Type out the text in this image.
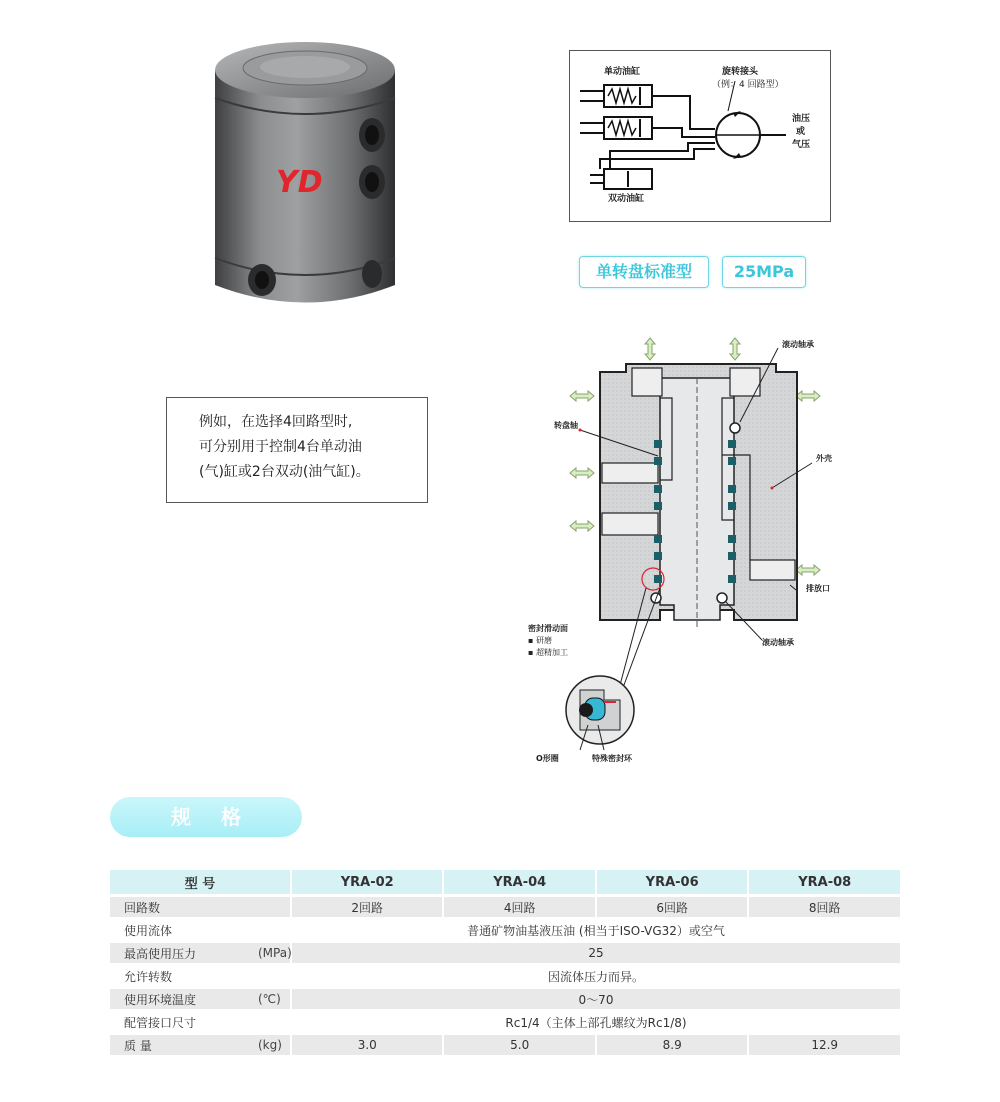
YD
单动油缸	旋转接头
（例：4 回路型）
油压
或
气压
双动油缸
单转盘标准型	25MPa
例如，在选择4回路型时,
可分别用于控制4台单动油
(气)缸或2台双动(油气缸)。
滚动轴承
转盘轴
外壳
排放口
滚动轴承
密封滑动面
▪ 研磨
▪ 超精加工
O形圈	特殊密封环
规格
型 号	YRA-02	YRA-04	YRA-06	YRA-08
回路数	2回路	4回路	6回路	8回路
使用流体	普通矿物油基液压油 (相当于ISO-VG32）或空气			
最高使用压力 (MPa)	25			
允许转数	因流体压力而异。			
使用环境温度 (℃)	0～70			
配管接口尺寸	Rc1/4（主体上部孔螺纹为Rc1/8)			
质 量 (kg)	3.0	5.0	8.9	12.9
